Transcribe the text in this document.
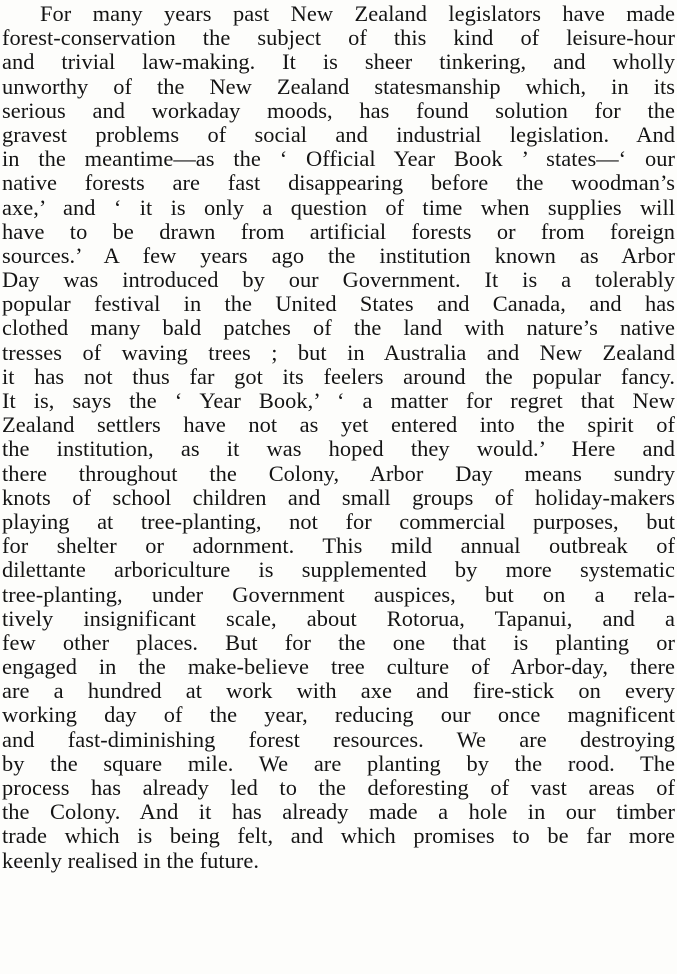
For many years past New Zealand legislators have made
forest-conservation the subject of this kind of leisure-hour
and trivial law-making. It is sheer tinkering, and wholly
unworthy of the New Zealand statesmanship which, in its
serious and workaday moods, has found solution for the
gravest problems of social and industrial legislation. And
in the meantime—as the ‘ Official Year Book ’ states—‘ our
native forests are fast disappearing before the woodman’s
axe,’ and ‘ it is only a question of time when supplies will
have to be drawn from artificial forests or from foreign
sources.’ A few years ago the institution known as Arbor
Day was introduced by our Government. It is a tolerably
popular festival in the United States and Canada, and has
clothed many bald patches of the land with nature’s native
tresses of waving trees ; but in Australia and New Zealand
it has not thus far got its feelers around the popular fancy.
It is, says the ‘ Year Book,’ ‘ a matter for regret that New
Zealand settlers have not as yet entered into the spirit of
the institution, as it was hoped they would.’ Here and
there throughout the Colony, Arbor Day means sundry
knots of school children and small groups of holiday-makers
playing at tree-planting, not for commercial purposes, but
for shelter or adornment. This mild annual outbreak of
dilettante arboriculture is supplemented by more systematic
tree-planting, under Government auspices, but on a rela-
tively insignificant scale, about Rotorua, Tapanui, and a
few other places. But for the one that is planting or
engaged in the make-believe tree culture of Arbor-day, there
are a hundred at work with axe and fire-stick on every
working day of the year, reducing our once magnificent
and fast-diminishing forest resources. We are destroying
by the square mile. We are planting by the rood. The
process has already led to the deforesting of vast areas of
the Colony. And it has already made a hole in our timber
trade which is being felt, and which promises to be far more
keenly realised in the future.
